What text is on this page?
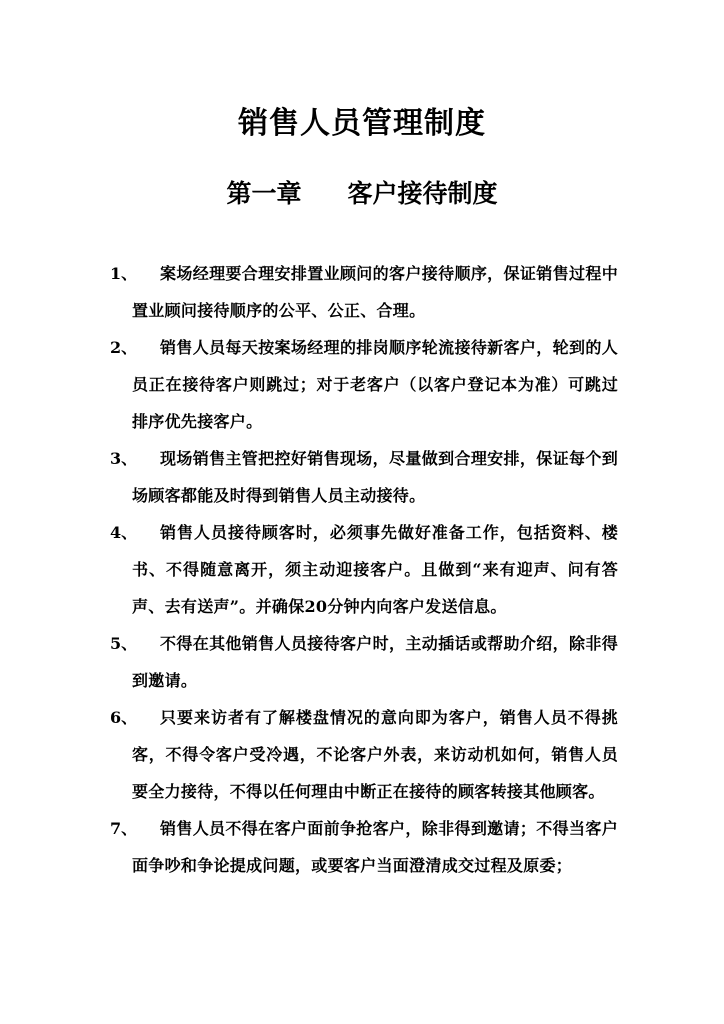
销售人员管理制度
第一章 客户接待制度
1、	案场经理要合理安排置业顾问的客户接待顺序，保证销售过程中置业顾问接待顺序的公平、公正、合理。
2、	销售人员每天按案场经理的排岗顺序轮流接待新客户，轮到的人员正在接待客户则跳过；对于老客户（以客户登记本为准）可跳过排序优先接客户。
3、	现场销售主管把控好销售现场，尽量做到合理安排，保证每个到场顾客都能及时得到销售人员主动接待。
4、	销售人员接待顾客时，必须事先做好准备工作，包括资料、楼书、不得随意离开，须主动迎接客户。且做到“来有迎声、问有答声、去有送声”。并确保20分钟内向客户发送信息。
5、	不得在其他销售人员接待客户时，主动插话或帮助介绍，除非得到邀请。
6、	只要来访者有了解楼盘情况的意向即为客户，销售人员不得挑客，不得令客户受冷遇，不论客户外表，来访动机如何，销售人员要全力接待，不得以任何理由中断正在接待的顾客转接其他顾客。
7、	销售人员不得在客户面前争抢客户，除非得到邀请；不得当客户面争吵和争论提成问题，或要客户当面澄清成交过程及原委；
